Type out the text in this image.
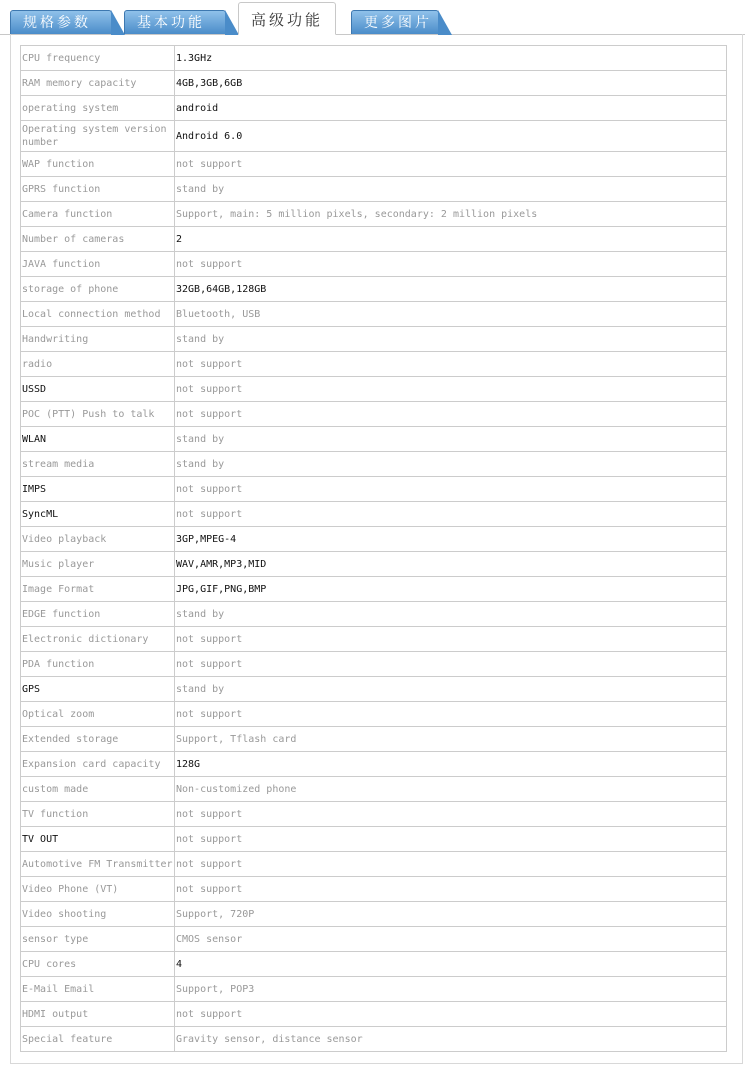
规格参数	基本功能	高级功能	更多图片
CPU frequency	1.3GHz
RAM memory capacity	4GB,3GB,6GB
operating system	android
Operating system version number	Android 6.0
WAP function	not support
GPRS function	stand by
Camera function	Support, main: 5 million pixels, secondary: 2 million pixels
Number of cameras	2
JAVA function	not support
storage of phone	32GB,64GB,128GB
Local connection method	Bluetooth, USB
Handwriting	stand by
radio	not support
USSD	not support
POC (PTT) Push to talk	not support
WLAN	stand by
stream media	stand by
IMPS	not support
SyncML	not support
Video playback	3GP,MPEG-4
Music player	WAV,AMR,MP3,MID
Image Format	JPG,GIF,PNG,BMP
EDGE function	stand by
Electronic dictionary	not support
PDA function	not support
GPS	stand by
Optical zoom	not support
Extended storage	Support, Tflash card
Expansion card capacity	128G
custom made	Non-customized phone
TV function	not support
TV OUT	not support
Automotive FM Transmitter	not support
Video Phone (VT)	not support
Video shooting	Support, 720P
sensor type	CMOS sensor
CPU cores	4
E-Mail Email	Support, POP3
HDMI output	not support
Special feature	Gravity sensor, distance sensor
